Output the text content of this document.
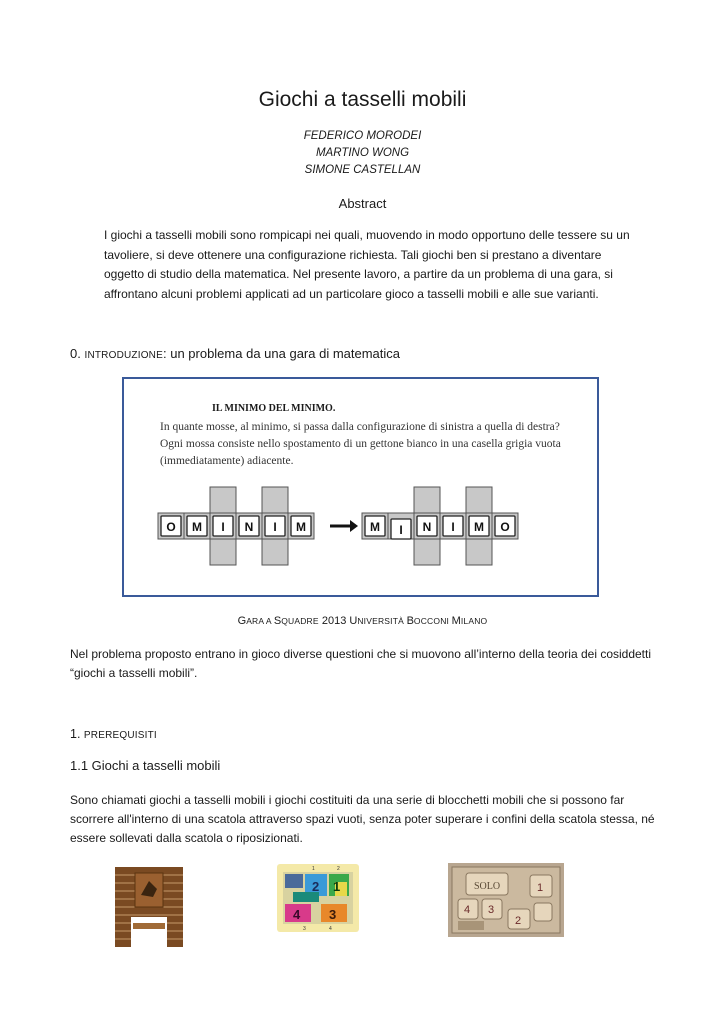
Giochi a tasselli mobili
FEDERICO MORODEI
MARTINO WONG
SIMONE CASTELLAN
Abstract

I giochi a tasselli mobili sono rompicapi nei quali, muovendo in modo opportuno delle tessere su un tavoliere, si deve ottenere una configurazione richiesta. Tali giochi ben si prestano a diventare oggetto di studio della matematica. Nel presente lavoro, a partire da un problema di una gara, si affrontano alcuni problemi applicati ad un particolare gioco a tasselli mobili e alle sue varianti.

0. INTRODUZIONE: un problema da una gara di matematica
IL MINIMO DEL MINIMO.
In quante mosse, al minimo, si passa dalla configurazione di sinistra a quella di destra? Ogni mossa consiste nello spostamento di un gettone bianco in una casella grigia vuota (immediatamente) adiacente.
O M I N I M	M I N I M O
GARA A SQUADRE 2013 UNIVERSITÀ BOCCONI MILANO

Nel problema proposto entrano in gioco diverse questioni che si muovono all’interno della teoria dei cosiddetti “giochi a tasselli mobili”.

1. PREREQUISITI
1.1 Giochi a tasselli mobili

Sono chiamati giochi a tasselli mobili i giochi costituiti da una serie di blocchetti mobili che si possono far scorrere all'interno di una scatola attraverso spazi vuoti, senza poter superare i confini della scatola stessa, né essere sollevati dalla scatola o riposizionati.

2 1
4 3
1	2
3	4
SOLO	1
2
3
4
